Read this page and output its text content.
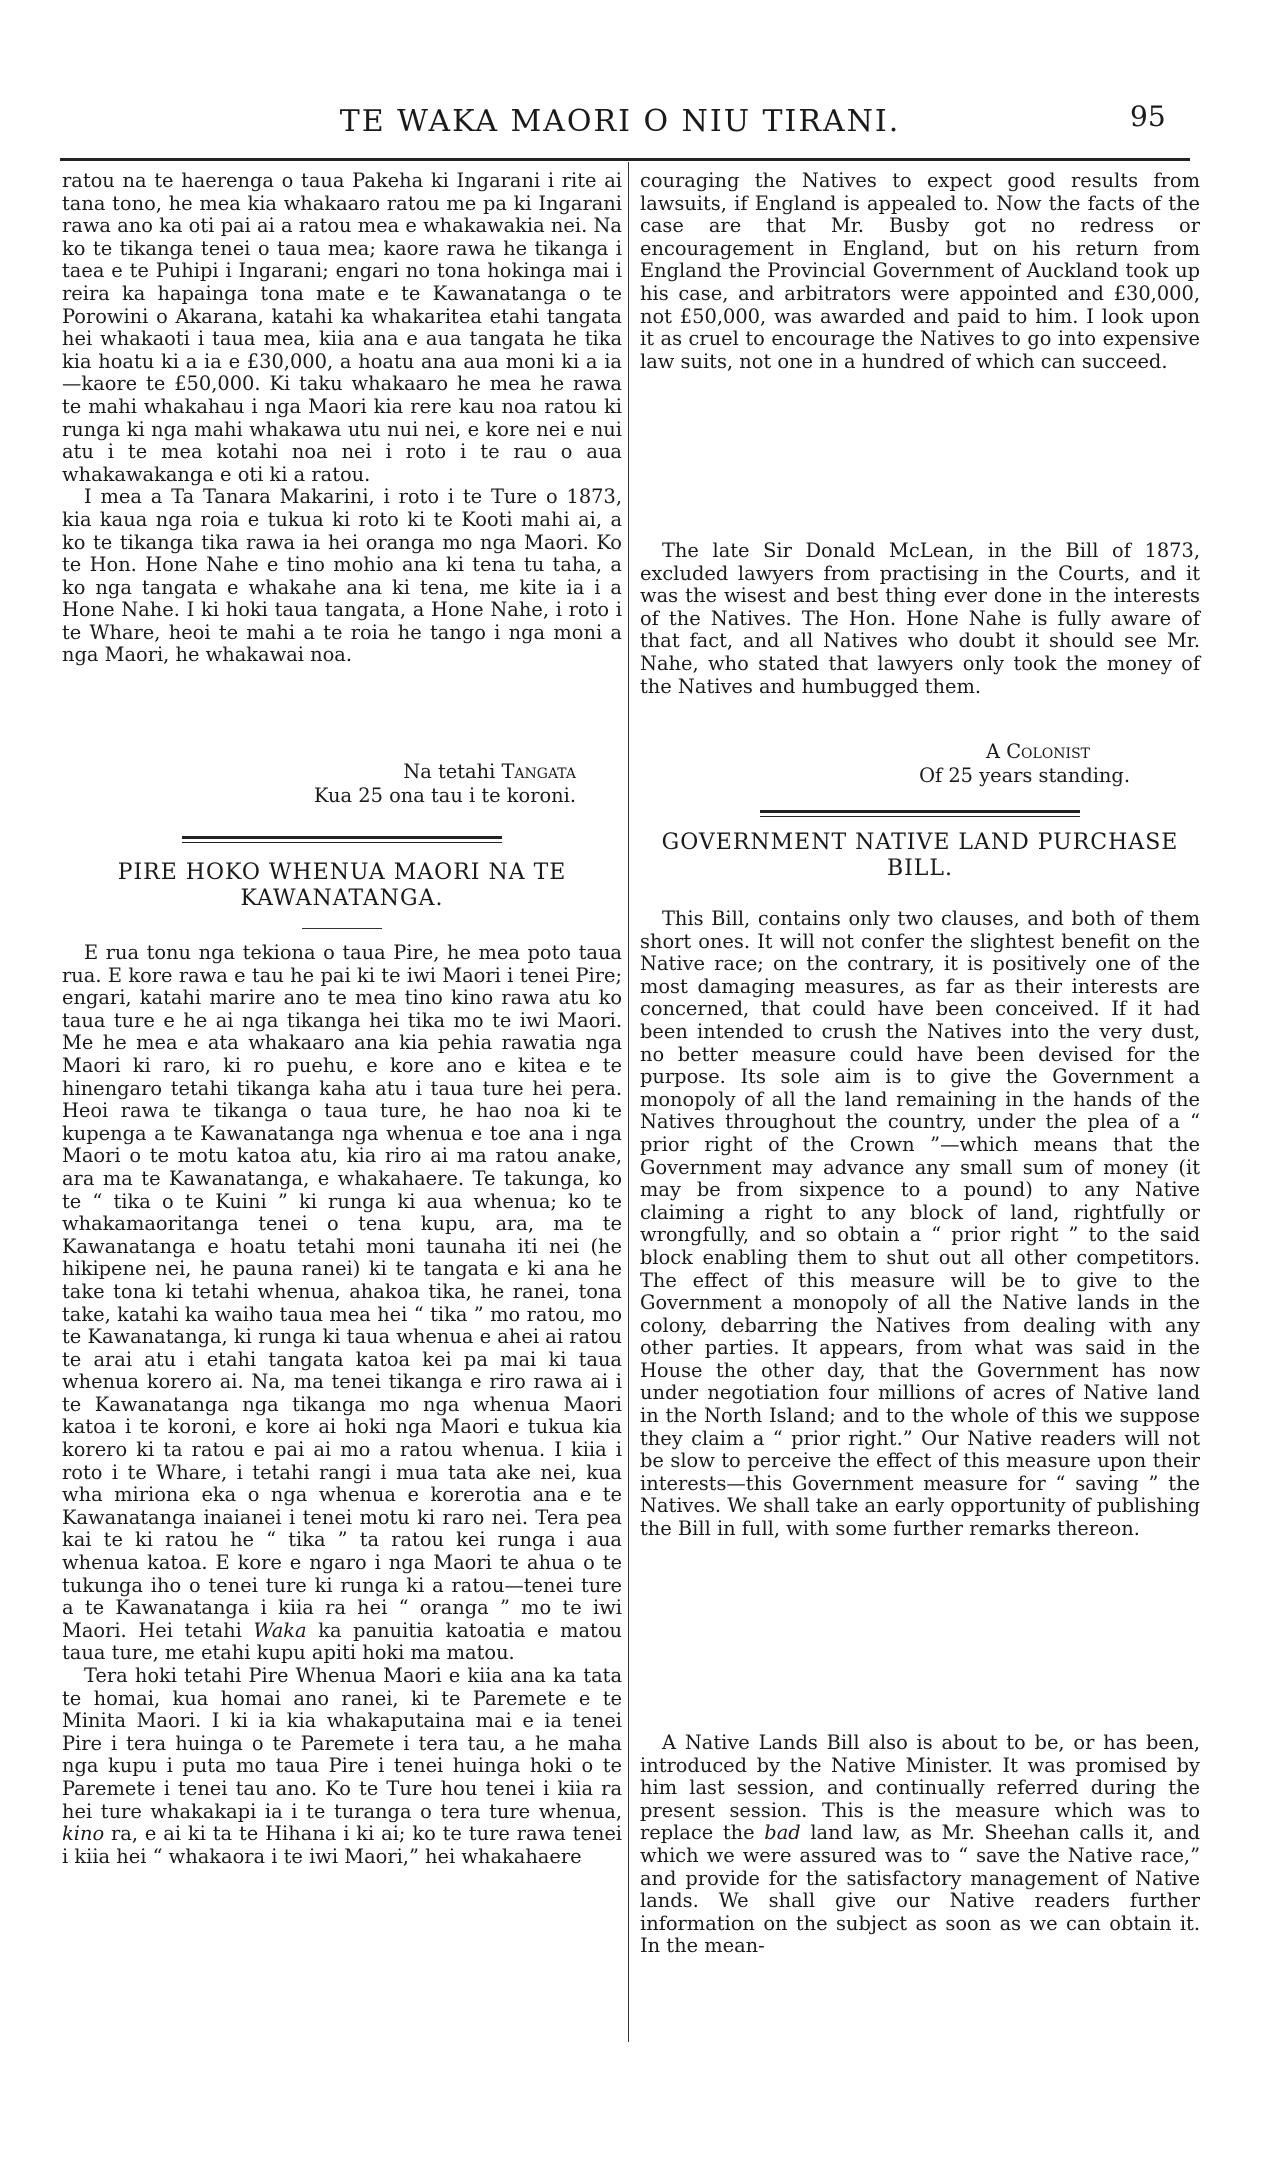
TE WAKA MAORI O NIU TIRANI.	95

ratou na te haerenga o taua Pakeha ki Ingarani i rite ai tana tono, he mea kia whakaaro ratou me pa ki Ingarani rawa ano ka oti pai ai a ratou mea e whakawakia nei. Na ko te tikanga tenei o taua mea; kaore rawa he tikanga i taea e te Puhipi i Ingarani; engari no tona hokinga mai i reira ka hapainga tona mate e te Kawanatanga o te Porowini o Akarana, katahi ka whakaritea etahi tangata hei whakaoti i taua mea, kiia ana e aua tangata he tika kia hoatu ki a ia e £30,000, a hoatu ana aua moni ki a ia—kaore te £50,000. Ki taku whakaaro he mea he rawa te mahi whakahau i nga Maori kia rere kau noa ratou ki runga ki nga mahi whakawa utu nui nei, e kore nei e nui atu i te mea kotahi noa nei i roto i te rau o aua whakawakanga e oti ki a ratou.

I mea a Ta Tanara Makarini, i roto i te Ture o 1873, kia kaua nga roia e tukua ki roto ki te Kooti mahi ai, a ko te tikanga tika rawa ia hei oranga mo nga Maori. Ko te Hon. Hone Nahe e tino mohio ana ki tena tu taha, a ko nga tangata e whakahe ana ki tena, me kite ia i a Hone Nahe. I ki hoki taua tangata, a Hone Nahe, i roto i te Whare, heoi te mahi a te roia he tango i nga moni a nga Maori, he whakawai noa.

Na tetahi Tangata
Kua 25 ona tau i te koroni.
PIRE HOKO WHENUA MAORI NA TE
KAWANATANGA.

E rua tonu nga tekiona o taua Pire, he mea poto taua rua. E kore rawa e tau he pai ki te iwi Maori i tenei Pire; engari, katahi marire ano te mea tino kino rawa atu ko taua ture e he ai nga tikanga hei tika mo te iwi Maori. Me he mea e ata whakaaro ana kia pehia rawatia nga Maori ki raro, ki ro puehu, e kore ano e kitea e te hinengaro tetahi tikanga kaha atu i taua ture hei pera. Heoi rawa te tikanga o taua ture, he hao noa ki te kupenga a te Kawanatanga nga whenua e toe ana i nga Maori o te motu katoa atu, kia riro ai ma ratou anake, ara ma te Kawanatanga, e whakahaere. Te takunga, ko te “ tika o te Kuini ” ki runga ki aua whenua; ko te whakamaoritanga tenei o tena kupu, ara, ma te Kawanatanga e hoatu tetahi moni taunaha iti nei (he hikipene nei, he pauna ranei) ki te tangata e ki ana he take tona ki tetahi whenua, ahakoa tika, he ranei, tona take, katahi ka waiho taua mea hei “ tika ” mo ratou, mo te Kawanatanga, ki runga ki taua whenua e ahei ai ratou te arai atu i etahi tangata katoa kei pa mai ki taua whenua korero ai. Na, ma tenei tikanga e riro rawa ai i te Kawanatanga nga tikanga mo nga whenua Maori katoa i te koroni, e kore ai hoki nga Maori e tukua kia korero ki ta ratou e pai ai mo a ratou whenua. I kiia i roto i te Whare, i tetahi rangi i mua tata ake nei, kua wha miriona eka o nga whenua e korerotia ana e te Kawanatanga inaianei i tenei motu ki raro nei. Tera pea kai te ki ratou he “ tika ” ta ratou kei runga i aua whenua katoa. E kore e ngaro i nga Maori te ahua o te tukunga iho o tenei ture ki runga ki a ratou—tenei ture a te Kawanatanga i kiia ra hei “ oranga ” mo te iwi Maori. Hei tetahi Waka ka panuitia katoatia e matou taua ture, me etahi kupu apiti hoki ma matou.

Tera hoki tetahi Pire Whenua Maori e kiia ana ka tata te homai, kua homai ano ranei, ki te Paremete e te Minita Maori. I ki ia kia whakaputaina mai e ia tenei Pire i tera huinga o te Paremete i tera tau, a he maha nga kupu i puta mo taua Pire i tenei huinga hoki o te Paremete i tenei tau ano. Ko te Ture hou tenei i kiia ra hei ture whakakapi ia i te turanga o tera ture whenua, kino ra, e ai ki ta te Hihana i ki ai; ko te ture rawa tenei i kiia hei “ whakaora i te iwi Maori,” hei whakahaere

couraging the Natives to expect good results from lawsuits, if England is appealed to. Now the facts of the case are that Mr. Busby got no redress or encouragement in England, but on his return from England the Provincial Government of Auckland took up his case, and arbitrators were appointed and £30,000, not £50,000, was awarded and paid to him. I look upon it as cruel to encourage the Natives to go into expensive law suits, not one in a hundred of which can succeed.

The late Sir Donald McLean, in the Bill of 1873, excluded lawyers from practising in the Courts, and it was the wisest and best thing ever done in the interests of the Natives. The Hon. Hone Nahe is fully aware of that fact, and all Natives who doubt it should see Mr. Nahe, who stated that lawyers only took the money of the Natives and humbugged them.

A Colonist
Of 25 years standing.
GOVERNMENT NATIVE LAND PURCHASE
BILL.

This Bill, contains only two clauses, and both of them short ones. It will not confer the slightest benefit on the Native race; on the contrary, it is positively one of the most damaging measures, as far as their interests are concerned, that could have been conceived. If it had been intended to crush the Natives into the very dust, no better measure could have been devised for the purpose. Its sole aim is to give the Government a monopoly of all the land remaining in the hands of the Natives throughout the country, under the plea of a “ prior right of the Crown ”—which means that the Government may advance any small sum of money (it may be from sixpence to a pound) to any Native claiming a right to any block of land, rightfully or wrongfully, and so obtain a “ prior right ” to the said block enabling them to shut out all other competitors. The effect of this measure will be to give to the Government a monopoly of all the Native lands in the colony, debarring the Natives from dealing with any other parties. It appears, from what was said in the House the other day, that the Government has now under negotiation four millions of acres of Native land in the North Island; and to the whole of this we suppose they claim a “ prior right.” Our Native readers will not be slow to perceive the effect of this measure upon their interests—this Government measure for “ saving ” the Natives. We shall take an early opportunity of publishing the Bill in full, with some further remarks thereon.

A Native Lands Bill also is about to be, or has been, introduced by the Native Minister. It was promised by him last session, and continually referred during the present session. This is the measure which was to replace the bad land law, as Mr. Sheehan calls it, and which we were assured was to “ save the Native race,” and provide for the satisfactory management of Native lands. We shall give our Native readers further information on the subject as soon as we can obtain it. In the mean-
